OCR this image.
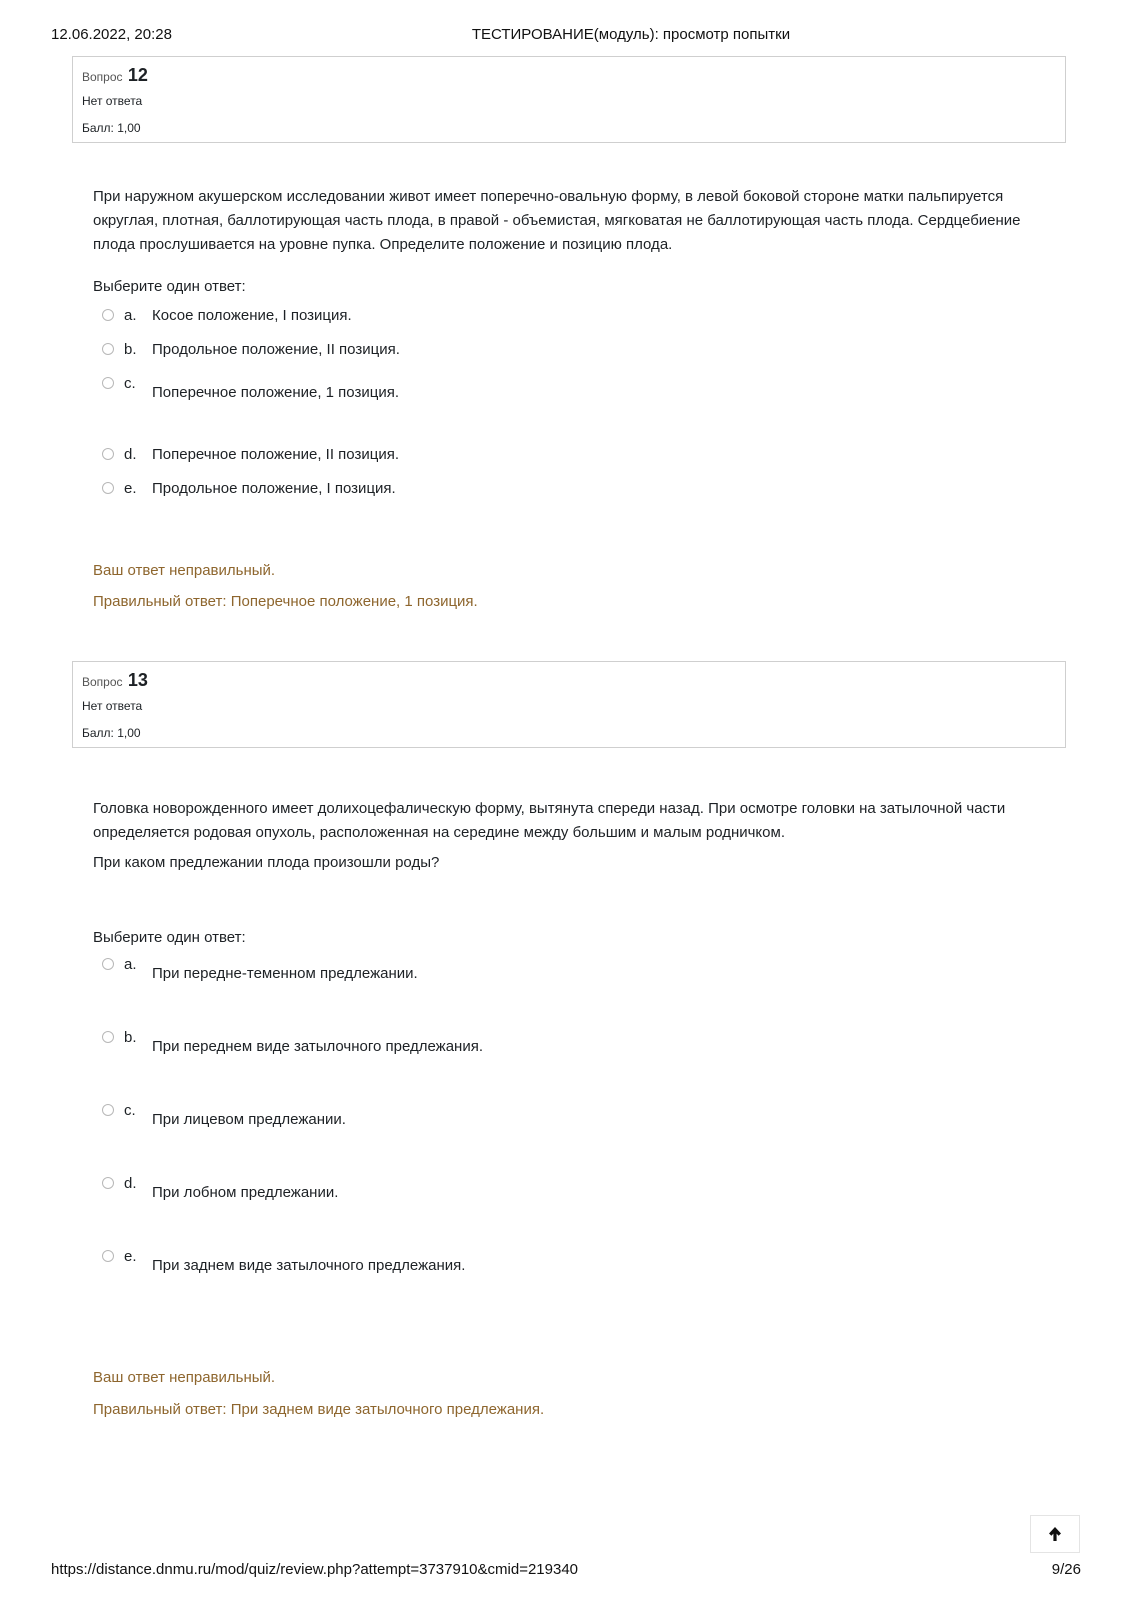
12.06.2022, 20:28	ТЕСТИРОВАНИЕ(модуль): просмотр попытки
Вопрос 12
Нет ответа
Балл: 1,00
При наружном акушерском исследовании живот имеет поперечно-овальную форму, в левой боковой стороне матки пальпируется округлая, плотная, баллотирующая часть плода, в правой - объемистая, мягковатая не баллотирующая часть плода. Сердцебиение плода прослушивается на уровне пупка. Определите положение и позицию плода.
Выберите один ответ:
a. Косое положение, I позиция.
b. Продольное положение, II позиция.
c.
Поперечное положение, 1 позиция.
d. Поперечное положение, II позиция.
e. Продольное положение, I позиция.
Ваш ответ неправильный.
Правильный ответ: Поперечное положение, 1 позиция.
Вопрос 13
Нет ответа
Балл: 1,00
Головка новорожденного имеет долихоцефалическую форму, вытянута спереди назад. При осмотре головки на затылочной части определяется родовая опухоль, расположенная на середине между большим и малым родничком.
При каком предлежании плода произошли роды?
Выберите один ответ:
a.
При передне-теменном предлежании.
b.
При переднем виде затылочного предлежания.
c.
При лицевом предлежании.
d.
При лобном предлежании.
e.
При заднем виде затылочного предлежания.
Ваш ответ неправильный.
Правильный ответ: При заднем виде затылочного предлежания.
https://distance.dnmu.ru/mod/quiz/review.php?attempt=3737910&cmid=219340	9/26
